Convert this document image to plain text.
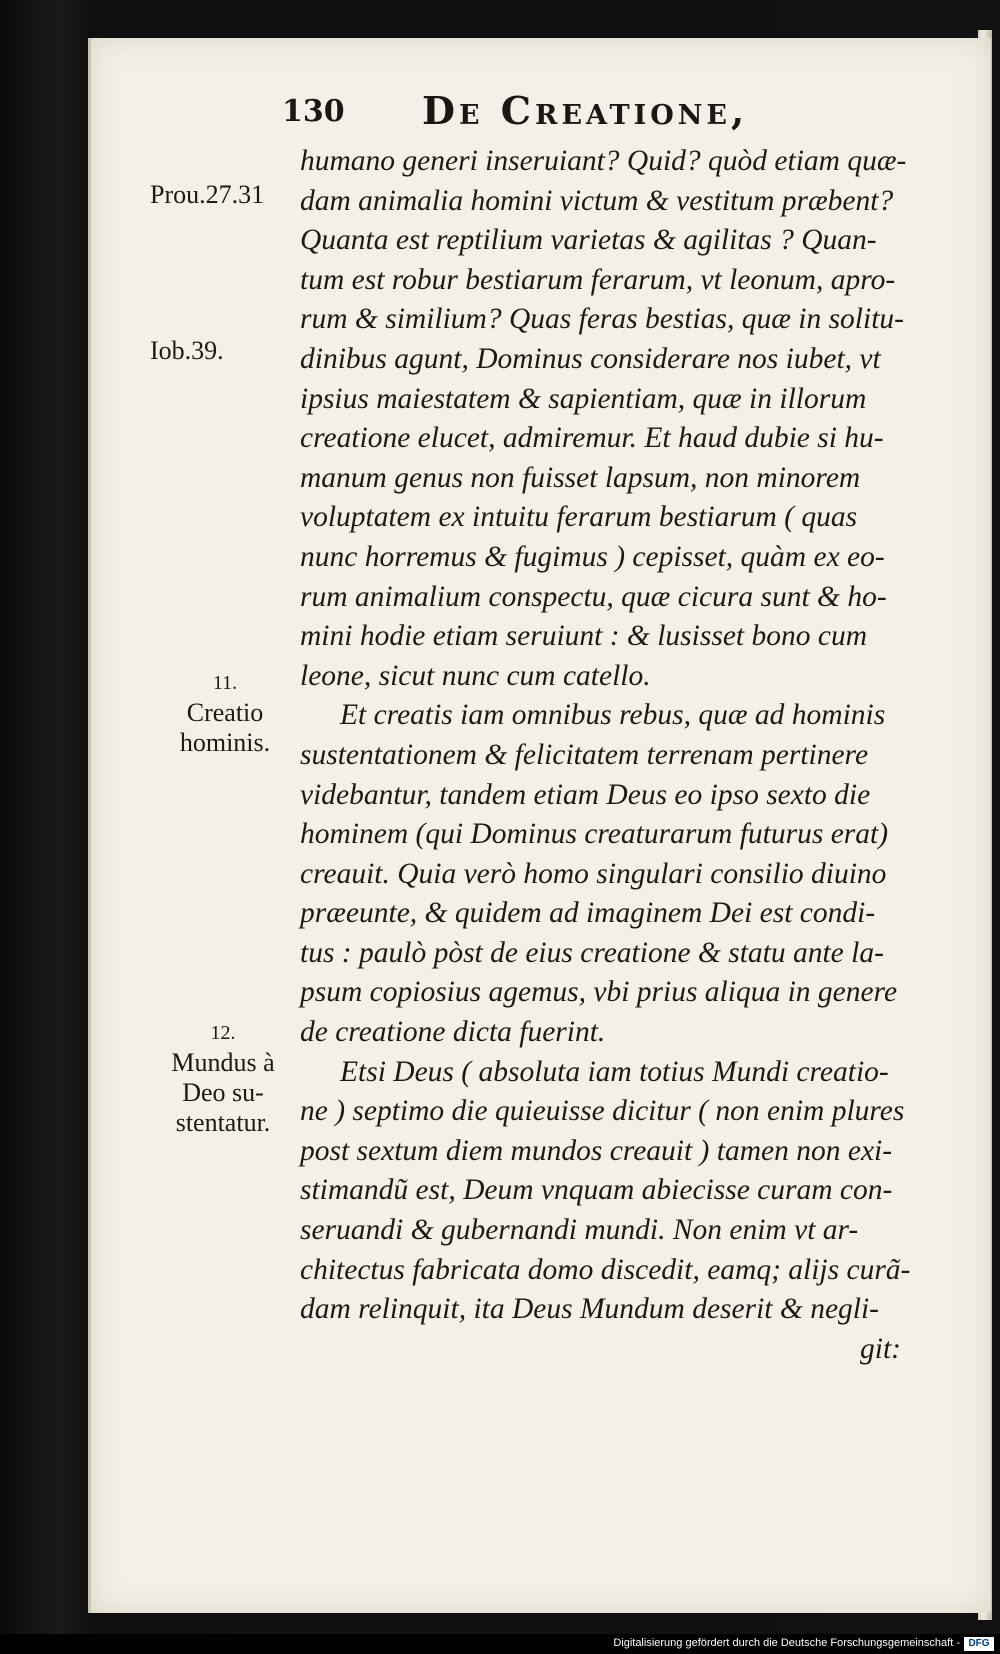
130 De Creatione,
Prou.27.31
Iob.39.
11.
Creatio
hominis.
12.
Mundus à
Deo su-
stentatur.
humano generi inseruiant? Quid? quòd etiam quæ-
dam animalia homini victum & vestitum præbent?
Quanta est reptilium varietas & agilitas ? Quan-
tum est robur bestiarum ferarum, vt leonum, apro-
rum & similium? Quas feras bestias, quæ in solitu-
dinibus agunt, Dominus considerare nos iubet, vt
ipsius maiestatem & sapientiam, quæ in illorum
creatione elucet, admiremur. Et haud dubie si hu-
manum genus non fuisset lapsum, non minorem
voluptatem ex intuitu ferarum bestiarum ( quas
nunc horremus & fugimus ) cepisset, quàm ex eo-
rum animalium conspectu, quæ cicura sunt & ho-
mini hodie etiam seruiunt : & lusisset bono cum
leone, sicut nunc cum catello.
Et creatis iam omnibus rebus, quæ ad hominis
sustentationem & felicitatem terrenam pertinere
videbantur, tandem etiam Deus eo ipso sexto die
hominem (qui Dominus creaturarum futurus erat)
creauit. Quia verò homo singulari consilio diuino
præeunte, & quidem ad imaginem Dei est condi-
tus : paulò pòst de eius creatione & statu ante la-
psum copiosius agemus, vbi prius aliqua in genere
de creatione dicta fuerint.
Etsi Deus ( absoluta iam totius Mundi creatio-
ne ) septimo die quieuisse dicitur ( non enim plures
post sextum diem mundos creauit ) tamen non exi-
stimandũ est, Deum vnquam abiecisse curam con-
seruandi & gubernandi mundi. Non enim vt ar-
chitectus fabricata domo discedit, eamq; alijs curã-
dam relinquit, ita Deus Mundum deserit & negli-
git:
Digitalisierung gefördert durch die Deutsche Forschungsgemeinschaft - DFG
